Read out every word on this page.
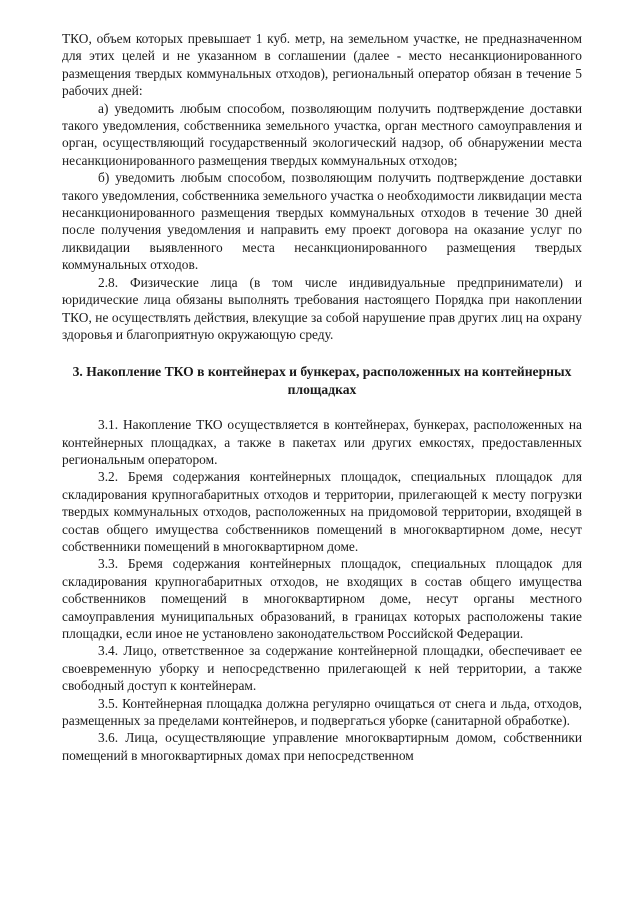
ТКО, объем которых превышает 1 куб. метр, на земельном участке, не предназначенном для этих целей и не указанном в соглашении (далее - место несанкционированного размещения твердых коммунальных отходов), региональный оператор обязан в течение 5 рабочих дней:

а) уведомить любым способом, позволяющим получить подтверждение доставки такого уведомления, собственника земельного участка, орган местного самоуправления и орган, осуществляющий государственный экологический надзор, об обнаружении места несанкционированного размещения твердых коммунальных отходов;

б) уведомить любым способом, позволяющим получить подтверждение доставки такого уведомления, собственника земельного участка о необходимости ликвидации места несанкционированного размещения твердых коммунальных отходов в течение 30 дней после получения уведомления и направить ему проект договора на оказание услуг по ликвидации выявленного места несанкционированного размещения твердых коммунальных отходов.

2.8. Физические лица (в том числе индивидуальные предприниматели) и юридические лица обязаны выполнять требования настоящего Порядка при накоплении ТКО, не осуществлять действия, влекущие за собой нарушение прав других лиц на охрану здоровья и благоприятную окружающую среду.

3. Накопление ТКО в контейнерах и бункерах, расположенных на контейнерных площадках

3.1. Накопление ТКО осуществляется в контейнерах, бункерах, расположенных на контейнерных площадках, а также в пакетах или других емкостях, предоставленных региональным оператором.

3.2. Бремя содержания контейнерных площадок, специальных площадок для складирования крупногабаритных отходов и территории, прилегающей к месту погрузки твердых коммунальных отходов, расположенных на придомовой территории, входящей в состав общего имущества собственников помещений в многоквартирном доме, несут собственники помещений в многоквартирном доме.

3.3. Бремя содержания контейнерных площадок, специальных площадок для складирования крупногабаритных отходов, не входящих в состав общего имущества собственников помещений в многоквартирном доме, несут органы местного самоуправления муниципальных образований, в границах которых расположены такие площадки, если иное не установлено законодательством Российской Федерации.

3.4. Лицо, ответственное за содержание контейнерной площадки, обеспечивает ее своевременную уборку и непосредственно прилегающей к ней территории, а также свободный доступ к контейнерам.

3.5. Контейнерная площадка должна регулярно очищаться от снега и льда, отходов, размещенных за пределами контейнеров, и подвергаться уборке (санитарной обработке).

3.6. Лица, осуществляющие управление многоквартирным домом, собственники помещений в многоквартирных домах при непосредственном
